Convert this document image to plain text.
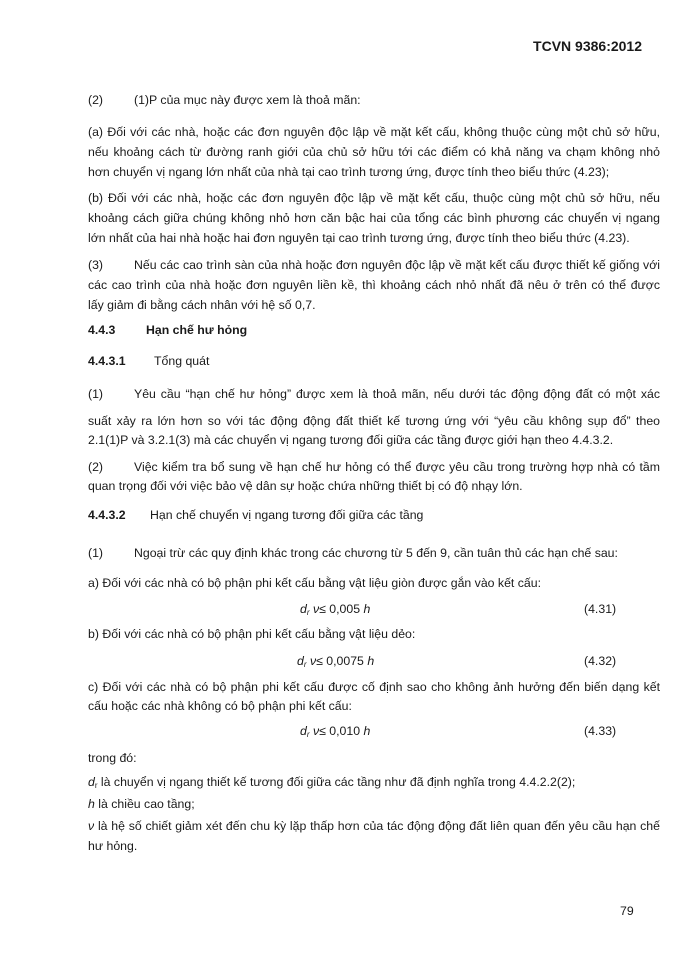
TCVN 9386:2012
(2)	(1)P của mục này được xem là thoả mãn:
(a) Đối với các nhà, hoặc các đơn nguyên độc lập về mặt kết cấu, không thuộc cùng một chủ sở hữu,
nếu khoảng cách từ đường ranh giới của chủ sở hữu tới các điểm có khả năng va chạm không nhỏ
hơn chuyển vị ngang lớn nhất của nhà tại cao trình tương ứng, được tính theo biểu thức (4.23);
(b) Đối với các nhà, hoặc các đơn nguyên độc lập về mặt kết cấu, thuộc cùng một chủ sở hữu, nếu
khoảng cách giữa chúng không nhỏ hơn căn bậc hai của tổng các bình phương các chuyển vị ngang
lớn nhất của hai nhà hoặc hai đơn nguyên tại cao trình tương ứng, được tính theo biểu thức (4.23).
(3)	Nếu các cao trình sàn của nhà hoặc đơn nguyên độc lập về mặt kết cấu được thiết kế giống với
các cao trình của nhà hoặc đơn nguyên liền kề, thì khoảng cách nhỏ nhất đã nêu ở trên có thể được
lấy giảm đi bằng cách nhân với hệ số 0,7.
4.4.3 Hạn chế hư hỏng
4.4.3.1 Tổng quát
(1)	Yêu cầu “hạn chế hư hỏng” được xem là thoả mãn, nếu dưới tác động động đất có một xác
suất xảy ra lớn hơn so với tác động động đất thiết kế tương ứng với “yêu cầu không sụp đổ” theo
2.1(1)P và 3.2.1(3) mà các chuyển vị ngang tương đối giữa các tầng được giới hạn theo 4.4.3.2.
(2)	Việc kiểm tra bổ sung về hạn chế hư hỏng có thể được yêu cầu trong trường hợp nhà có tầm
quan trọng đối với việc bảo vệ dân sự hoặc chứa những thiết bị có độ nhạy lớn.
4.4.3.2 Hạn chế chuyển vị ngang tương đối giữa các tầng
(1)	Ngoại trừ các quy định khác trong các chương từ 5 đến 9, cần tuân thủ các hạn chế sau:
a) Đối với các nhà có bộ phận phi kết cấu bằng vật liệu giòn được gắn vào kết cấu:
$d_r$ ν≤ 0,005 h	(4.31)
b) Đối với các nhà có bộ phận phi kết cấu bằng vật liệu dẻo:
$d_r$ ν≤ 0,0075 h	(4.32)
c) Đối với các nhà có bộ phận phi kết cấu được cố định sao cho không ảnh hưởng đến biến dạng kết
cấu hoặc các nhà không có bộ phận phi kết cấu:
$d_r$ ν≤ 0,010 h	(4.33)
trong đó:
$d_r$ là chuyển vị ngang thiết kế tương đối giữa các tầng như đã định nghĩa trong 4.4.2.2(2);
h là chiều cao tầng;
ν là hệ số chiết giảm xét đến chu kỳ lặp thấp hơn của tác động động đất liên quan đến yêu cầu hạn chế
hư hỏng.
79
